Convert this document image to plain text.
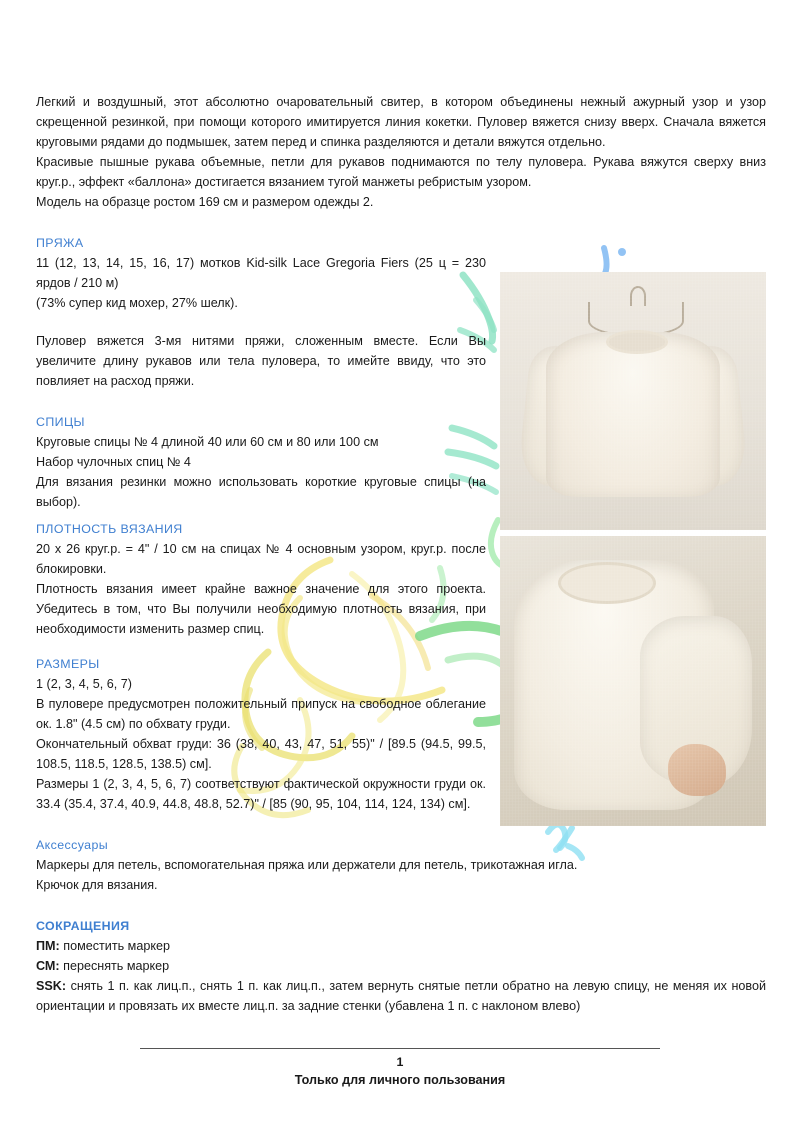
Легкий и воздушный, этот абсолютно очаровательный свитер, в котором объединены нежный ажурный узор и узор скрещенной резинкой, при помощи которого имитируется линия кокетки. Пуловер вяжется снизу вверх. Сначала вяжется круговыми рядами до подмышек, затем перед и спинка разделяются и детали вяжутся отдельно.

Красивые пышные рукава объемные, петли для рукавов поднимаются по телу пуловера. Рукава вяжутся сверху вниз круг.р., эффект «баллона» достигается вязанием тугой манжеты ребристым узором.

Модель на образце ростом 169 см и размером одежды 2.

ПРЯЖА

11 (12, 13, 14, 15, 16, 17) мотков Kid-silk Lace Gregoria Fiers (25 ц = 230 ярдов / 210 м)

(73% супер кид мохер, 27% шелк).

Пуловер вяжется 3-мя нитями пряжи, сложенным вместе. Если Вы увеличите длину рукавов или тела пуловера, то имейте ввиду, что это повлияет на расход пряжи.

СПИЦЫ

Круговые спицы № 4 длиной 40 или 60 см и 80 или 100 см

Набор чулочных спиц № 4

Для вязания резинки можно использовать короткие круговые спицы (на выбор).

ПЛОТНОСТЬ ВЯЗАНИЯ

20 х 26 круг.р. = 4" / 10 см на спицах № 4 основным узором, круг.р. после блокировки.

Плотность вязания имеет крайне важное значение для этого проекта. Убедитесь в том, что Вы получили необходимую плотность вязания, при необходимости изменить размер спиц.

РАЗМЕРЫ

1 (2, 3, 4, 5, 6, 7)

В пуловере предусмотрен положительный припуск на свободное облегание ок. 1.8" (4.5 см) по обхвату груди.

Окончательный обхват груди: 36 (38, 40, 43, 47, 51, 55)" / [89.5 (94.5, 99.5, 108.5, 118.5, 128.5, 138.5) см].

Размеры 1 (2, 3, 4, 5, 6, 7) соответствуют фактической окружности груди ок. 33.4 (35.4, 37.4, 40.9, 44.8, 48.8, 52.7)" / [85 (90, 95, 104, 114, 124, 134) см].

Аксессуары

Маркеры для петель, вспомогательная пряжа или держатели для петель, трикотажная игла.

Крючок для вязания.

СОКРАЩЕНИЯ

ПМ: поместить маркер

СМ: переснять маркер

SSK: снять 1 п. как лиц.п., снять 1 п. как лиц.п., затем вернуть снятые петли обратно на левую спицу, не меняя их новой ориентации и провязать их вместе лиц.п. за задние стенки (убавлена 1 п. с наклоном влево)

1
Только для личного пользования
